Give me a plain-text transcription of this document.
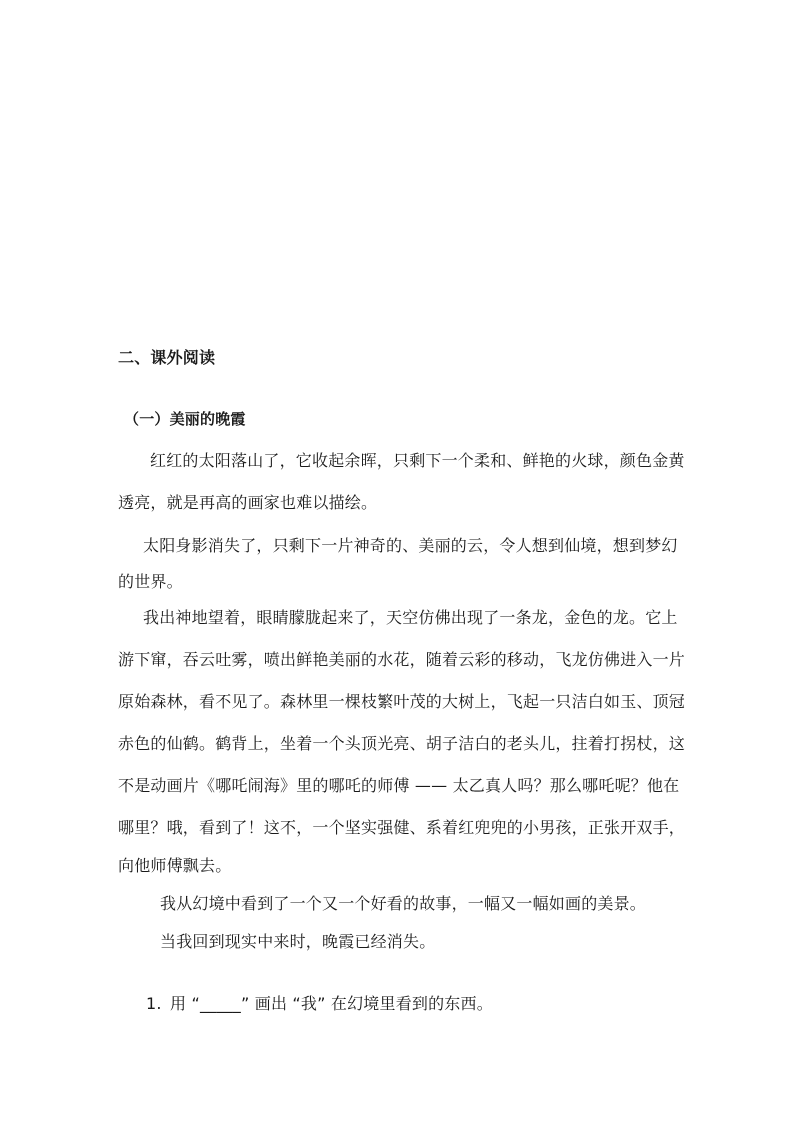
二、课外阅读
（一）美丽的晚霞
红红的太阳落山了，它收起余晖，只剩下一个柔和、鲜艳的火球，颜色金黄
透亮，就是再高的画家也难以描绘。
太阳身影消失了，只剩下一片神奇的、美丽的云，令人想到仙境，想到梦幻
的世界。
我出神地望着，眼睛朦胧起来了，天空仿佛出现了一条龙，金色的龙。它上
游下窜，吞云吐雾，喷出鲜艳美丽的水花，随着云彩的移动，飞龙仿佛进入一片
原始森林，看不见了。森林里一棵枝繁叶茂的大树上，飞起一只洁白如玉、顶冠
赤色的仙鹤。鹤背上，坐着一个头顶光亮、胡子洁白的老头儿，拄着打拐杖，这
不是动画片《哪吒闹海》里的哪吒的师傅 —— 太乙真人吗？那么哪吒呢？他在
哪里？哦，看到了！这不，一个坚实强健、系着红兜兜的小男孩，正张开双手，
向他师傅飘去。
我从幻境中看到了一个又一个好看的故事，一幅又一幅如画的美景。
当我回到现实中来时，晚霞已经消失。
1. 用 “_____” 画出 “我” 在幻境里看到的东西。
